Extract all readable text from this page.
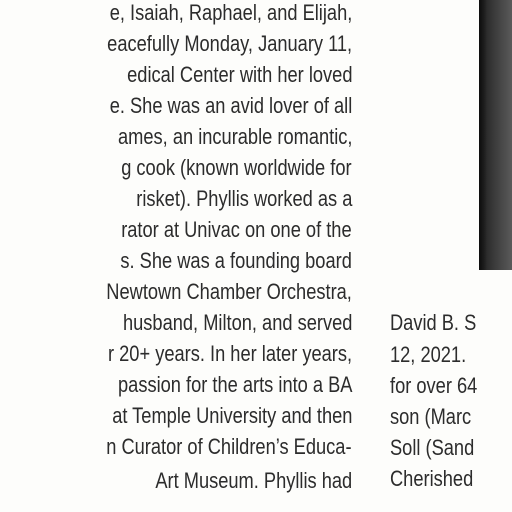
e, Isaiah, Raphael, and Elijah,
eacefully Monday, January 11,
edical Center with her loved
e. She was an avid lover of all
ames, an incurable romantic,
g cook (known worldwide for
risket). Phyllis worked as a
rator at Univac on one of the
s. She was a founding board
Newtown Chamber Orchestra,
husband, Milton, and served
r 20+ years. In her later years,
passion for the arts into a BA
at Temple University and then
n Curator of Children’s Educa-
Art Museum. Phyllis had
David B. S
12, 2021.
for over 64
son (Marc
Soll (Sand
Cherished
